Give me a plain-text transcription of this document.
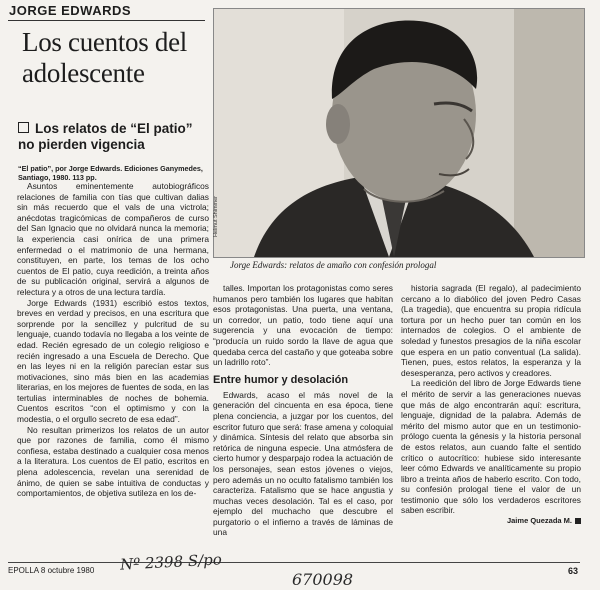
JORGE EDWARDS
Los cuentos del adolescente
Los relatos de “El patio” no pierden vigencia
“El patio”, por Jorge Edwards. Ediciones Ganymedes, Santiago, 1980. 113 pp.
Helmut Shimmer
Jorge Edwards: relatos de amaño con confesión prologal

Asuntos eminentemente autobiográficos relaciones de familia con tías que cultivan dalias sin más recuerdo que el vals de una victrola; anécdotas tragicómicas de compañeros de curso del San Ignacio que no olvidará nunca la memoria; la experiencia casi onírica de una primera enfermedad o el matrimonio de una hermana, constituyen, en parte, los temas de los ocho cuentos de El patio, cuya reedición, a treinta años de su publicación original, servirá a algunos de relectura y a otros de una lectura tardía.

Jorge Edwards (1931) escribió estos textos, breves en verdad y precisos, en una escritura que sorprende por la sencillez y pulcritud de su lenguaje, cuando todavía no llegaba a los veinte de edad. Recién egresado de un colegio religioso e recién ingresado a una Escuela de Derecho. Que en las leyes ni en la religión parecían estar sus motivaciones, sino más bien en las academias literarias, en los mejores de fuentes de soda, en las tertulias interminables de noches de bohemia. Cuentos escritos “con el optimismo y con la modestia, o el orgullo secreto de esa edad”.

No resultan primerizos los relatos de un autor que por razones de familia, como él mismo confiesa, estaba destinado a cualquier cosa menos a la literatura. Los cuentos de El patio, escritos en plena adolescencia, revelan una serenidad de ánimo, de quien se sabe intuitiva de conductas y comportamientos, de objetiva sutileza en los de-

talles. Importan los protagonistas como seres humanos pero también los lugares que habitan esos protagonistas. Una puerta, una ventana, un corredor, un patio, todo tiene aquí una sugerencia y una evocación de tiempo: “producía un ruido sordo la llave de agua que quedaba cerca del castaño y que goteaba sobre un ladrillo roto”.

Entre humor y desolación

Edwards, acaso el más novel de la generación del cincuenta en esa época, tiene plena conciencia, a juzgar por los cuentos, del escritor futuro que será: frase amena y coloquial y dinámica. Síntesis del relato que absorba sin retórica de ninguna especie. Una atmósfera de cierto humor y desparpajo rodea la actuación de los personajes, sean estos jóvenes o viejos, pero además un no oculto fatalismo también los caracteriza. Fatalismo que se hace angustia y muchas veces desolación. Tal es el caso, por ejemplo del muchacho que descubre el purgatorio o el infierno a través de láminas de una

historia sagrada (El regalo), al padecimiento cercano a lo diabólico del joven Pedro Casas (La tragedia), que encuentra su propia ridícula tortura por un hecho puer tan común en los internados de colegios. O el ambiente de soledad y funestos presagios de la niña escolar que espera en un patio conventual (La salida). Tienen, pues, estos relatos, la esperanza y la desesperanza, pero activos y creadores.

La reedición del libro de Jorge Edwards tiene el mérito de servir a las generaciones nuevas que más de algo encontrarán aquí: escritura, lenguaje, dignidad de la palabra. Además de mérito del mismo autor que en un testimonio-prólogo cuenta la génesis y la historia personal de estos relatos, aun cuando falte el sentido crítico o autocrítico: hubiese sido interesante leer cómo Edwards ve analíticamente su propio libro a treinta años de haberlo escrito. Con todo, su confesión prologal tiene el valor de un testimonio que sólo los verdaderos escritores saben escribir.

Jaime Quezada M.
EPOLLA 8 octubre 1980	63
Nº 2398 S/po
670098
